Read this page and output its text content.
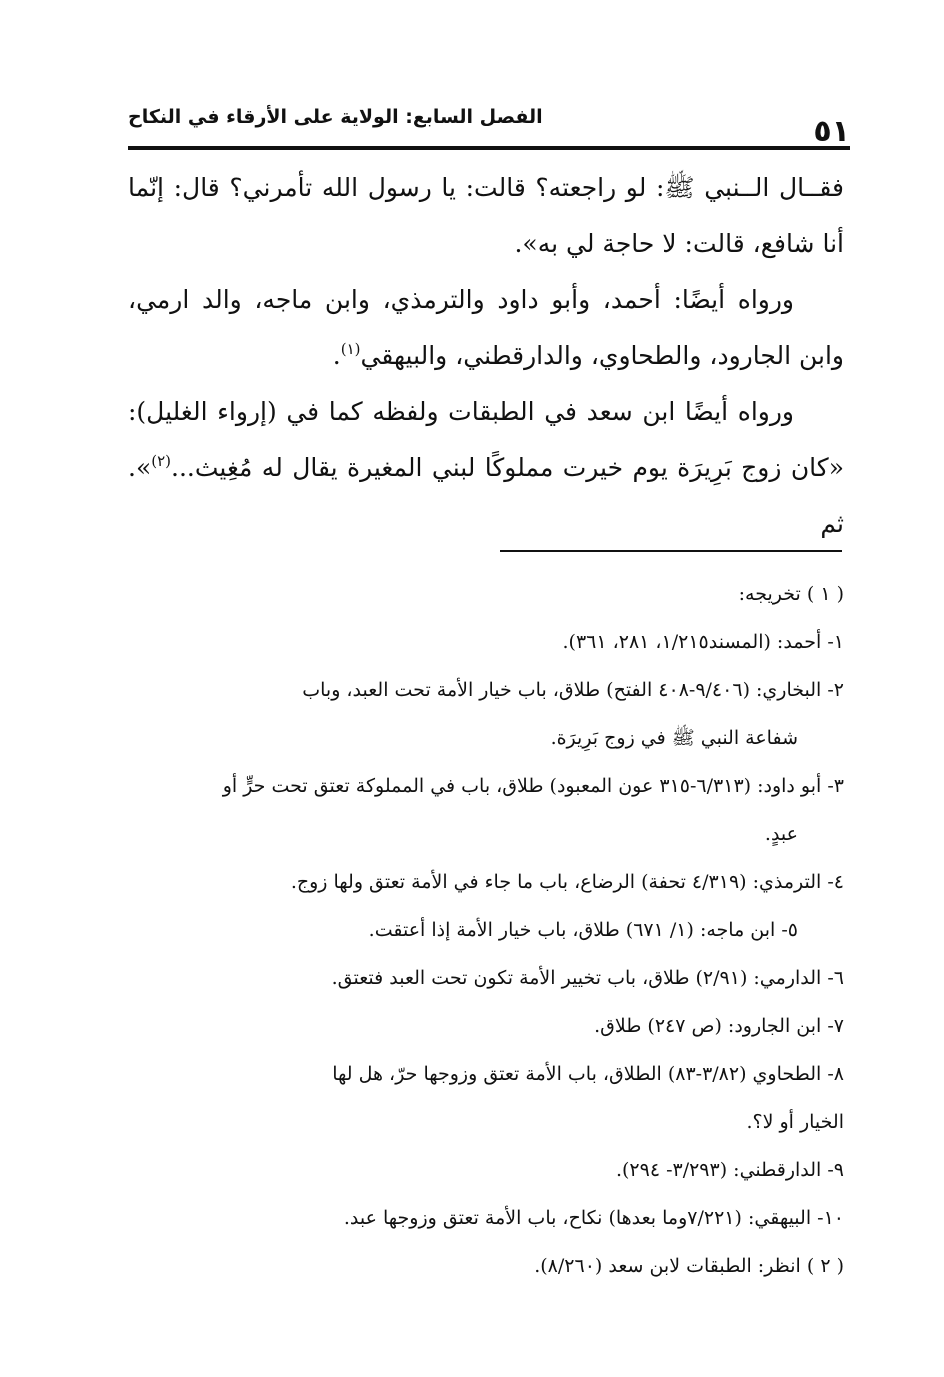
٥١
الفصل السابع: الولاية على الأرقاء في النكاح

فقــال الــنبي ﷺ: لو راجعته؟ قالت: يا رسول الله تأمرني؟ قال: إنّما أنا شافع، قالت: لا حاجة لي به».

ورواه أيضًا: أحمد، وأبو داود والترمذي، وابن ماجه، والد ارمي، وابن الجارود، والطحاوي، والدارقطني، والبيهقي$^{(١)}$.

ورواه أيضًا ابن سعد في الطبقات ولفظه كما في (إرواء الغليل): «كان زوج بَرِيرَة يوم خيرت مملوكًا لبني المغيرة يقال له مُغِيث...$^{(٢)}$». ثم

( ١ ) تخريجه:

١- أحمد: (المسند١/٢١٥، ٢٨١، ٣٦١).

٢- البخاري: (٩/٤٠٦-٤٠٨ الفتح) طلاق، باب خيار الأمة تحت العبد، وباب

شفاعة النبي ﷺ في زوج بَرِيرَة.

٣- أبو داود: (٦/٣١٣-٣١٥ عون المعبود) طلاق، باب في المملوكة تعتق تحت حرٍّ أو

عبدٍ.

٤- الترمذي: (٤/٣١٩ تحفة) الرضاع، باب ما جاء في الأمة تعتق ولها زوج.

٥- ابن ماجه: (١/ ٦٧١) طلاق، باب خيار الأمة إذا أعتقت.

٦- الدارمي: (٢/٩١) طلاق، باب تخيير الأمة تكون تحت العبد فتعتق.

٧- ابن الجارود: (ص ٢٤٧) طلاق.

٨- الطحاوي (٣/٨٢-٨٣) الطلاق، باب الأمة تعتق وزوجها حرّ، هل لها

الخيار أو لا؟.

٩- الدارقطني: (٣/٢٩٣- ٢٩٤).

١٠- البيهقي: (٧/٢٢١وما بعدها) نكاح، باب الأمة تعتق وزوجها عبد.

( ٢ ) انظر: الطبقات لابن سعد (٨/٢٦٠).
